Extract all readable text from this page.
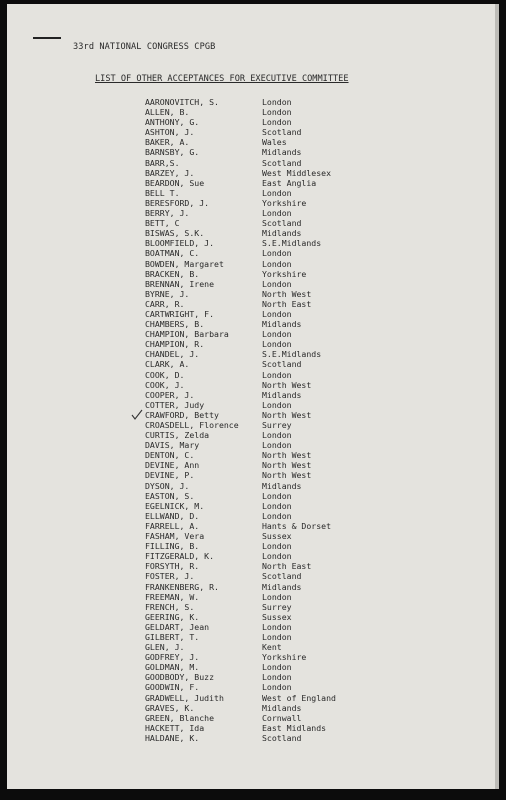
33rd NATIONAL CONGRESS CPGB
LIST OF OTHER ACCEPTANCES FOR EXECUTIVE COMMITTEE
AARONOVITCH, S.	London
ALLEN, B.	London
ANTHONY, G.	London
ASHTON, J.	Scotland
BAKER, A.	Wales
BARNSBY, G.	Midlands
BARR,S.	Scotland
BARZEY, J.	West Middlesex
BEARDON, Sue	East Anglia
BELL T.	London
BERESFORD, J.	Yorkshire
BERRY, J.	London
BETT, C	Scotland
BISWAS, S.K.	Midlands
BLOOMFIELD, J.	S.E.Midlands
BOATMAN, C.	London
BOWDEN, Margaret	London
BRACKEN, B.	Yorkshire
BRENNAN, Irene	London
BYRNE, J.	North West
CARR, R.	North East
CARTWRIGHT, F.	London
CHAMBERS, B.	Midlands
CHAMPION, Barbara	London
CHAMPION, R.	London
CHANDEL, J.	S.E.Midlands
CLARK, A.	Scotland
COOK, D.	London
COOK, J.	North West
COOPER, J.	Midlands
COTTER, Judy	London
CRAWFORD, Betty	North West
CROASDELL, Florence	Surrey
CURTIS, Zelda	London
DAVIS, Mary	London
DENTON, C.	North West
DEVINE, Ann	North West
DEVINE, P.	North West
DYSON, J.	Midlands
EASTON, S.	London
EGELNICK, M.	London
ELLWAND, D.	London
FARRELL, A.	Hants & Dorset
FASHAM, Vera	Sussex
FILLING, B.	London
FITZGERALD, K.	London
FORSYTH, R.	North East
FOSTER, J.	Scotland
FRANKENBERG, R.	Midlands
FREEMAN, W.	London
FRENCH, S.	Surrey
GEERING, K.	Sussex
GELDART, Jean	London
GILBERT, T.	London
GLEN, J.	Kent
GODFREY, J.	Yorkshire
GOLDMAN, M.	London
GOODBODY, Buzz	London
GOODWIN, F.	London
GRADWELL, Judith	West of England
GRAVES, K.	Midlands
GREEN, Blanche	Cornwall
HACKETT, Ida	East Midlands
HALDANE, K.	Scotland
